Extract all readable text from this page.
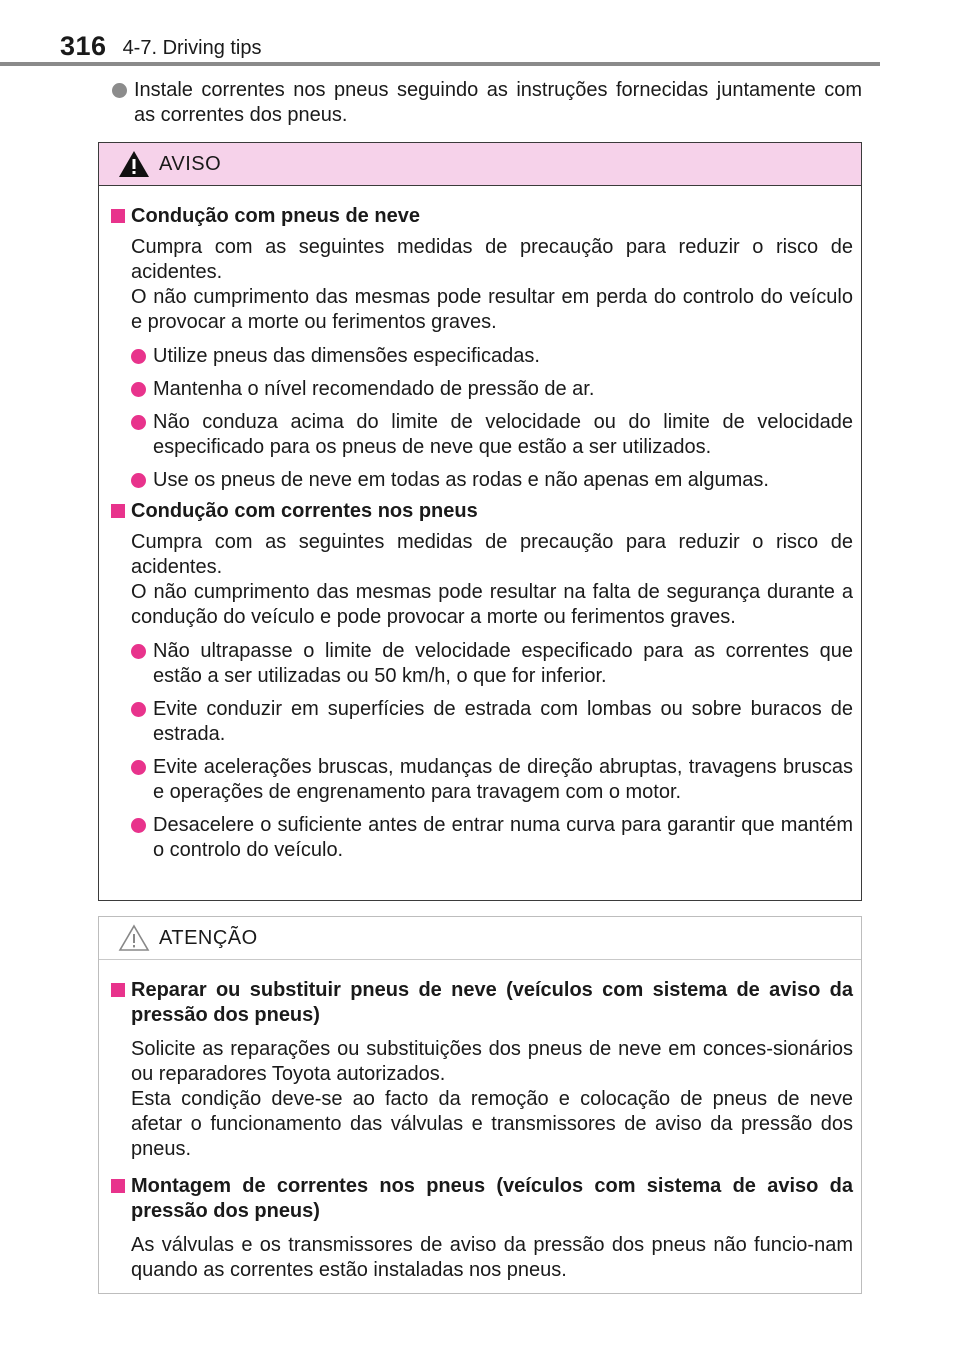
316 4-7. Driving tips
Instale correntes nos pneus seguindo as instruções fornecidas juntamente com as correntes dos pneus.
AVISO
Condução com pneus de neve
Cumpra com as seguintes medidas de precaução para reduzir o risco de acidentes.
O não cumprimento das mesmas pode resultar em perda do controlo do veículo e provocar a morte ou ferimentos graves.
Utilize pneus das dimensões especificadas.
Mantenha o nível recomendado de pressão de ar.
Não conduza acima do limite de velocidade ou do limite de velocidade especificado para os pneus de neve que estão a ser utilizados.
Use os pneus de neve em todas as rodas e não apenas em algumas.
Condução com correntes nos pneus
Cumpra com as seguintes medidas de precaução para reduzir o risco de acidentes.
O não cumprimento das mesmas pode resultar na falta de segurança durante a condução do veículo e pode provocar a morte ou ferimentos graves.
Não ultrapasse o limite de velocidade especificado para as correntes que estão a ser utilizadas ou 50 km/h, o que for inferior.
Evite conduzir em superfícies de estrada com lombas ou sobre buracos de estrada.
Evite acelerações bruscas, mudanças de direção abruptas, travagens bruscas e operações de engrenamento para travagem com o motor.
Desacelere o suficiente antes de entrar numa curva para garantir que mantém o controlo do veículo.
ATENÇÃO
Reparar ou substituir pneus de neve (veículos com sistema de aviso da pressão dos pneus)
Solicite as reparações ou substituições dos pneus de neve em conces-sionários ou reparadores Toyota autorizados.
Esta condição deve-se ao facto da remoção e colocação de pneus de neve afetar o funcionamento das válvulas e transmissores de aviso da pressão dos pneus.
Montagem de correntes nos pneus (veículos com sistema de aviso da pressão dos pneus)
As válvulas e os transmissores de aviso da pressão dos pneus não funcio-nam quando as correntes estão instaladas nos pneus.
